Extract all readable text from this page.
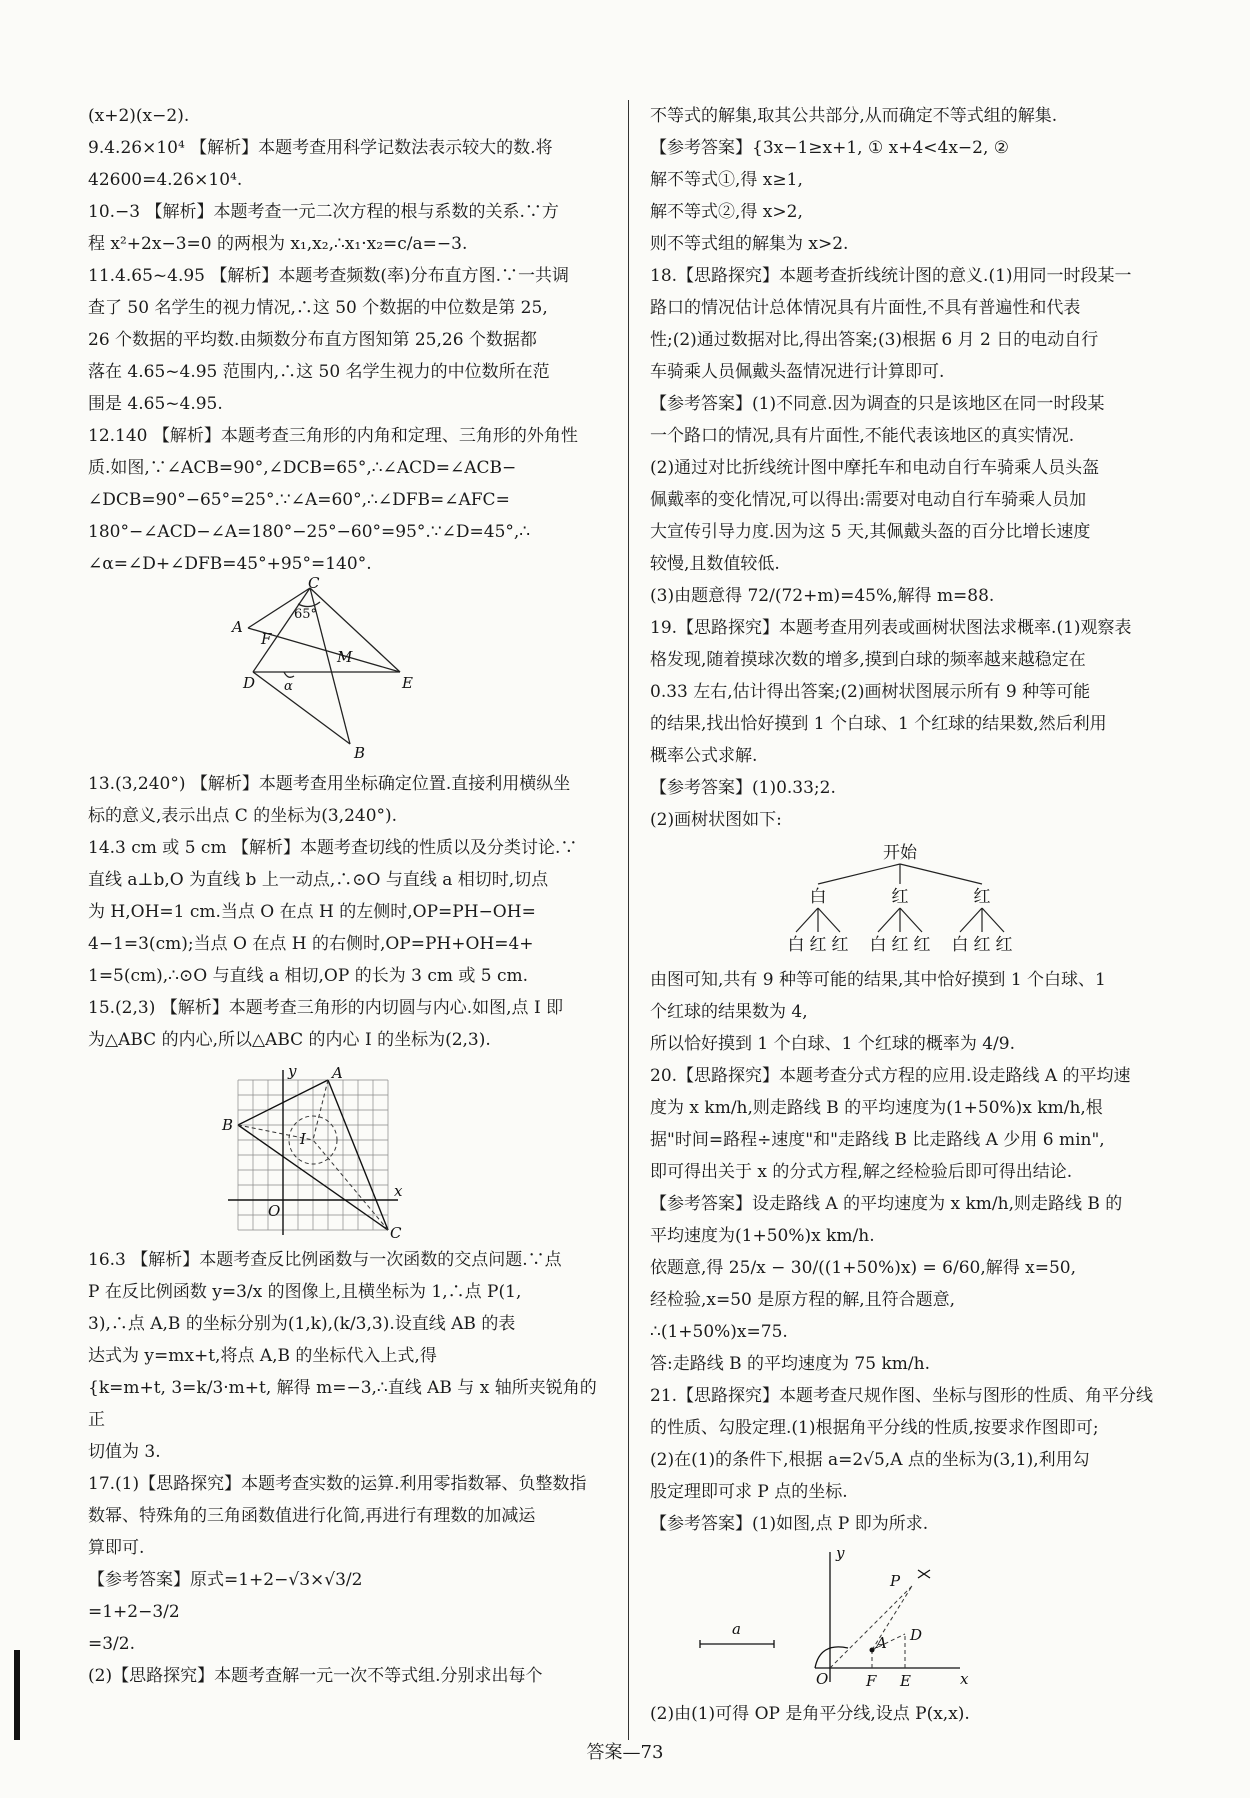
(x+2)(x−2).

9.4.26×10⁴ 【解析】本题考查用科学记数法表示较大的数.将

42600=4.26×10⁴.

10.−3 【解析】本题考查一元二次方程的根与系数的关系.∵方

程 x²+2x−3=0 的两根为 x₁,x₂,∴x₁·x₂=c/a=−3.

11.4.65~4.95 【解析】本题考查频数(率)分布直方图.∵一共调

查了 50 名学生的视力情况,∴这 50 个数据的中位数是第 25,

26 个数据的平均数.由频数分布直方图知第 25,26 个数据都

落在 4.65~4.95 范围内,∴这 50 名学生视力的中位数所在范

围是 4.65~4.95.

12.140 【解析】本题考查三角形的内角和定理、三角形的外角性

质.如图,∵∠ACB=90°,∠DCB=65°,∴∠ACD=∠ACB−

∠DCB=90°−65°=25°.∵∠A=60°,∴∠DFB=∠AFC=

180°−∠ACD−∠A=180°−25°−60°=95°.∵∠D=45°,∴

∠α=∠D+∠DFB=45°+95°=140°.

A
C
F
M
D	E
B
65°
α

13.(3,240°) 【解析】本题考查用坐标确定位置.直接利用横纵坐

标的意义,表示出点 C 的坐标为(3,240°).

14.3 cm 或 5 cm 【解析】本题考查切线的性质以及分类讨论.∵

直线 a⊥b,O 为直线 b 上一动点,∴⊙O 与直线 a 相切时,切点

为 H,OH=1 cm.当点 O 在点 H 的左侧时,OP=PH−OH=

4−1=3(cm);当点 O 在点 H 的右侧时,OP=PH+OH=4+

1=5(cm),∴⊙O 与直线 a 相切,OP 的长为 3 cm 或 5 cm.

15.(2,3) 【解析】本题考查三角形的内切圆与内心.如图,点 I 即

为△ABC 的内心,所以△ABC 的内心 I 的坐标为(2,3).

y A
B
I
O
x
C

16.3 【解析】本题考查反比例函数与一次函数的交点问题.∵点

P 在反比例函数 y=3/x 的图像上,且横坐标为 1,∴点 P(1,

3),∴点 A,B 的坐标分别为(1,k),(k/3,3).设直线 AB 的表

达式为 y=mx+t,将点 A,B 的坐标代入上式,得

{k=m+t, 3=k/3·m+t, 解得 m=−3,∴直线 AB 与 x 轴所夹锐角的正

切值为 3.

17.(1)【思路探究】本题考查实数的运算.利用零指数幂、负整数指

数幂、特殊角的三角函数值进行化简,再进行有理数的加减运

算即可.

【参考答案】原式=1+2−√3×√3/2

=1+2−3/2

=3/2.

(2)【思路探究】本题考查解一元一次不等式组.分别求出每个

不等式的解集,取其公共部分,从而确定不等式组的解集.

【参考答案】{3x−1≥x+1, ① x+4<4x−2, ②

解不等式①,得 x≥1,

解不等式②,得 x>2,

则不等式组的解集为 x>2.

18.【思路探究】本题考查折线统计图的意义.(1)用同一时段某一

路口的情况估计总体情况具有片面性,不具有普遍性和代表

性;(2)通过数据对比,得出答案;(3)根据 6 月 2 日的电动自行

车骑乘人员佩戴头盔情况进行计算即可.

【参考答案】(1)不同意.因为调查的只是该地区在同一时段某

一个路口的情况,具有片面性,不能代表该地区的真实情况.

(2)通过对比折线统计图中摩托车和电动自行车骑乘人员头盔

佩戴率的变化情况,可以得出:需要对电动自行车骑乘人员加

大宣传引导力度.因为这 5 天,其佩戴头盔的百分比增长速度

较慢,且数值较低.

(3)由题意得 72/(72+m)=45%,解得 m=88.

19.【思路探究】本题考查用列表或画树状图法求概率.(1)观察表

格发现,随着摸球次数的增多,摸到白球的频率越来越稳定在

0.33 左右,估计得出答案;(2)画树状图展示所有 9 种等可能

的结果,找出恰好摸到 1 个白球、1 个红球的结果数,然后利用

概率公式求解.

【参考答案】(1)0.33;2.

(2)画树状图如下:

开始
白	红	红
白 红 红 白 红 红 白 红 红

由图可知,共有 9 种等可能的结果,其中恰好摸到 1 个白球、1

个红球的结果数为 4,

所以恰好摸到 1 个白球、1 个红球的概率为 4/9.

20.【思路探究】本题考查分式方程的应用.设走路线 A 的平均速

度为 x km/h,则走路线 B 的平均速度为(1+50%)x km/h,根

据"时间=路程÷速度"和"走路线 B 比走路线 A 少用 6 min",

即可得出关于 x 的分式方程,解之经检验后即可得出结论.

【参考答案】设走路线 A 的平均速度为 x km/h,则走路线 B 的

平均速度为(1+50%)x km/h.

依题意,得 25/x − 30/((1+50%)x) = 6/60,解得 x=50,

经检验,x=50 是原方程的解,且符合题意,

∴(1+50%)x=75.

答:走路线 B 的平均速度为 75 km/h.

21.【思路探究】本题考查尺规作图、坐标与图形的性质、角平分线

的性质、勾股定理.(1)根据角平分线的性质,按要求作图即可;

(2)在(1)的条件下,根据 a=2√5,A 点的坐标为(3,1),利用勾

股定理即可求 P 点的坐标.

【参考答案】(1)如图,点 P 即为所求.

y
P
a
A D
O	F E	x

(2)由(1)可得 OP 是角平分线,设点 P(x,x).

答案—73
